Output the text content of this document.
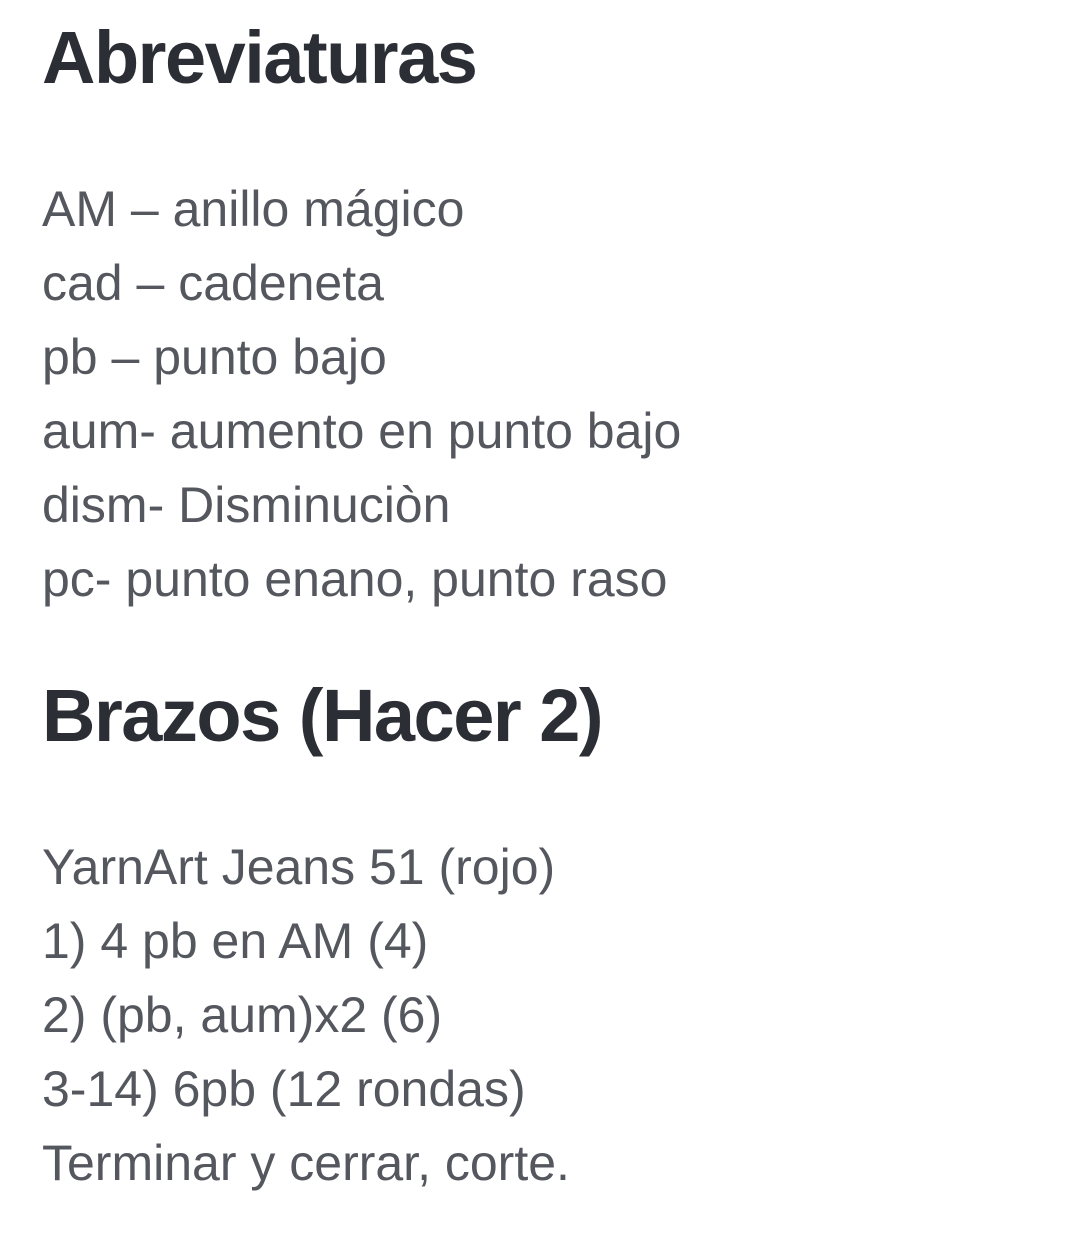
Abreviaturas
AM – anillo mágico
cad – cadeneta
pb – punto bajo
aum- aumento en punto bajo
dism- Disminuciòn
pc- punto enano, punto raso
Brazos (Hacer 2)
YarnArt Jeans 51 (rojo)
1) 4 pb en AM (4)
2) (pb, aum)x2 (6)
3-14) 6pb (12 rondas)
Terminar y cerrar, corte.
